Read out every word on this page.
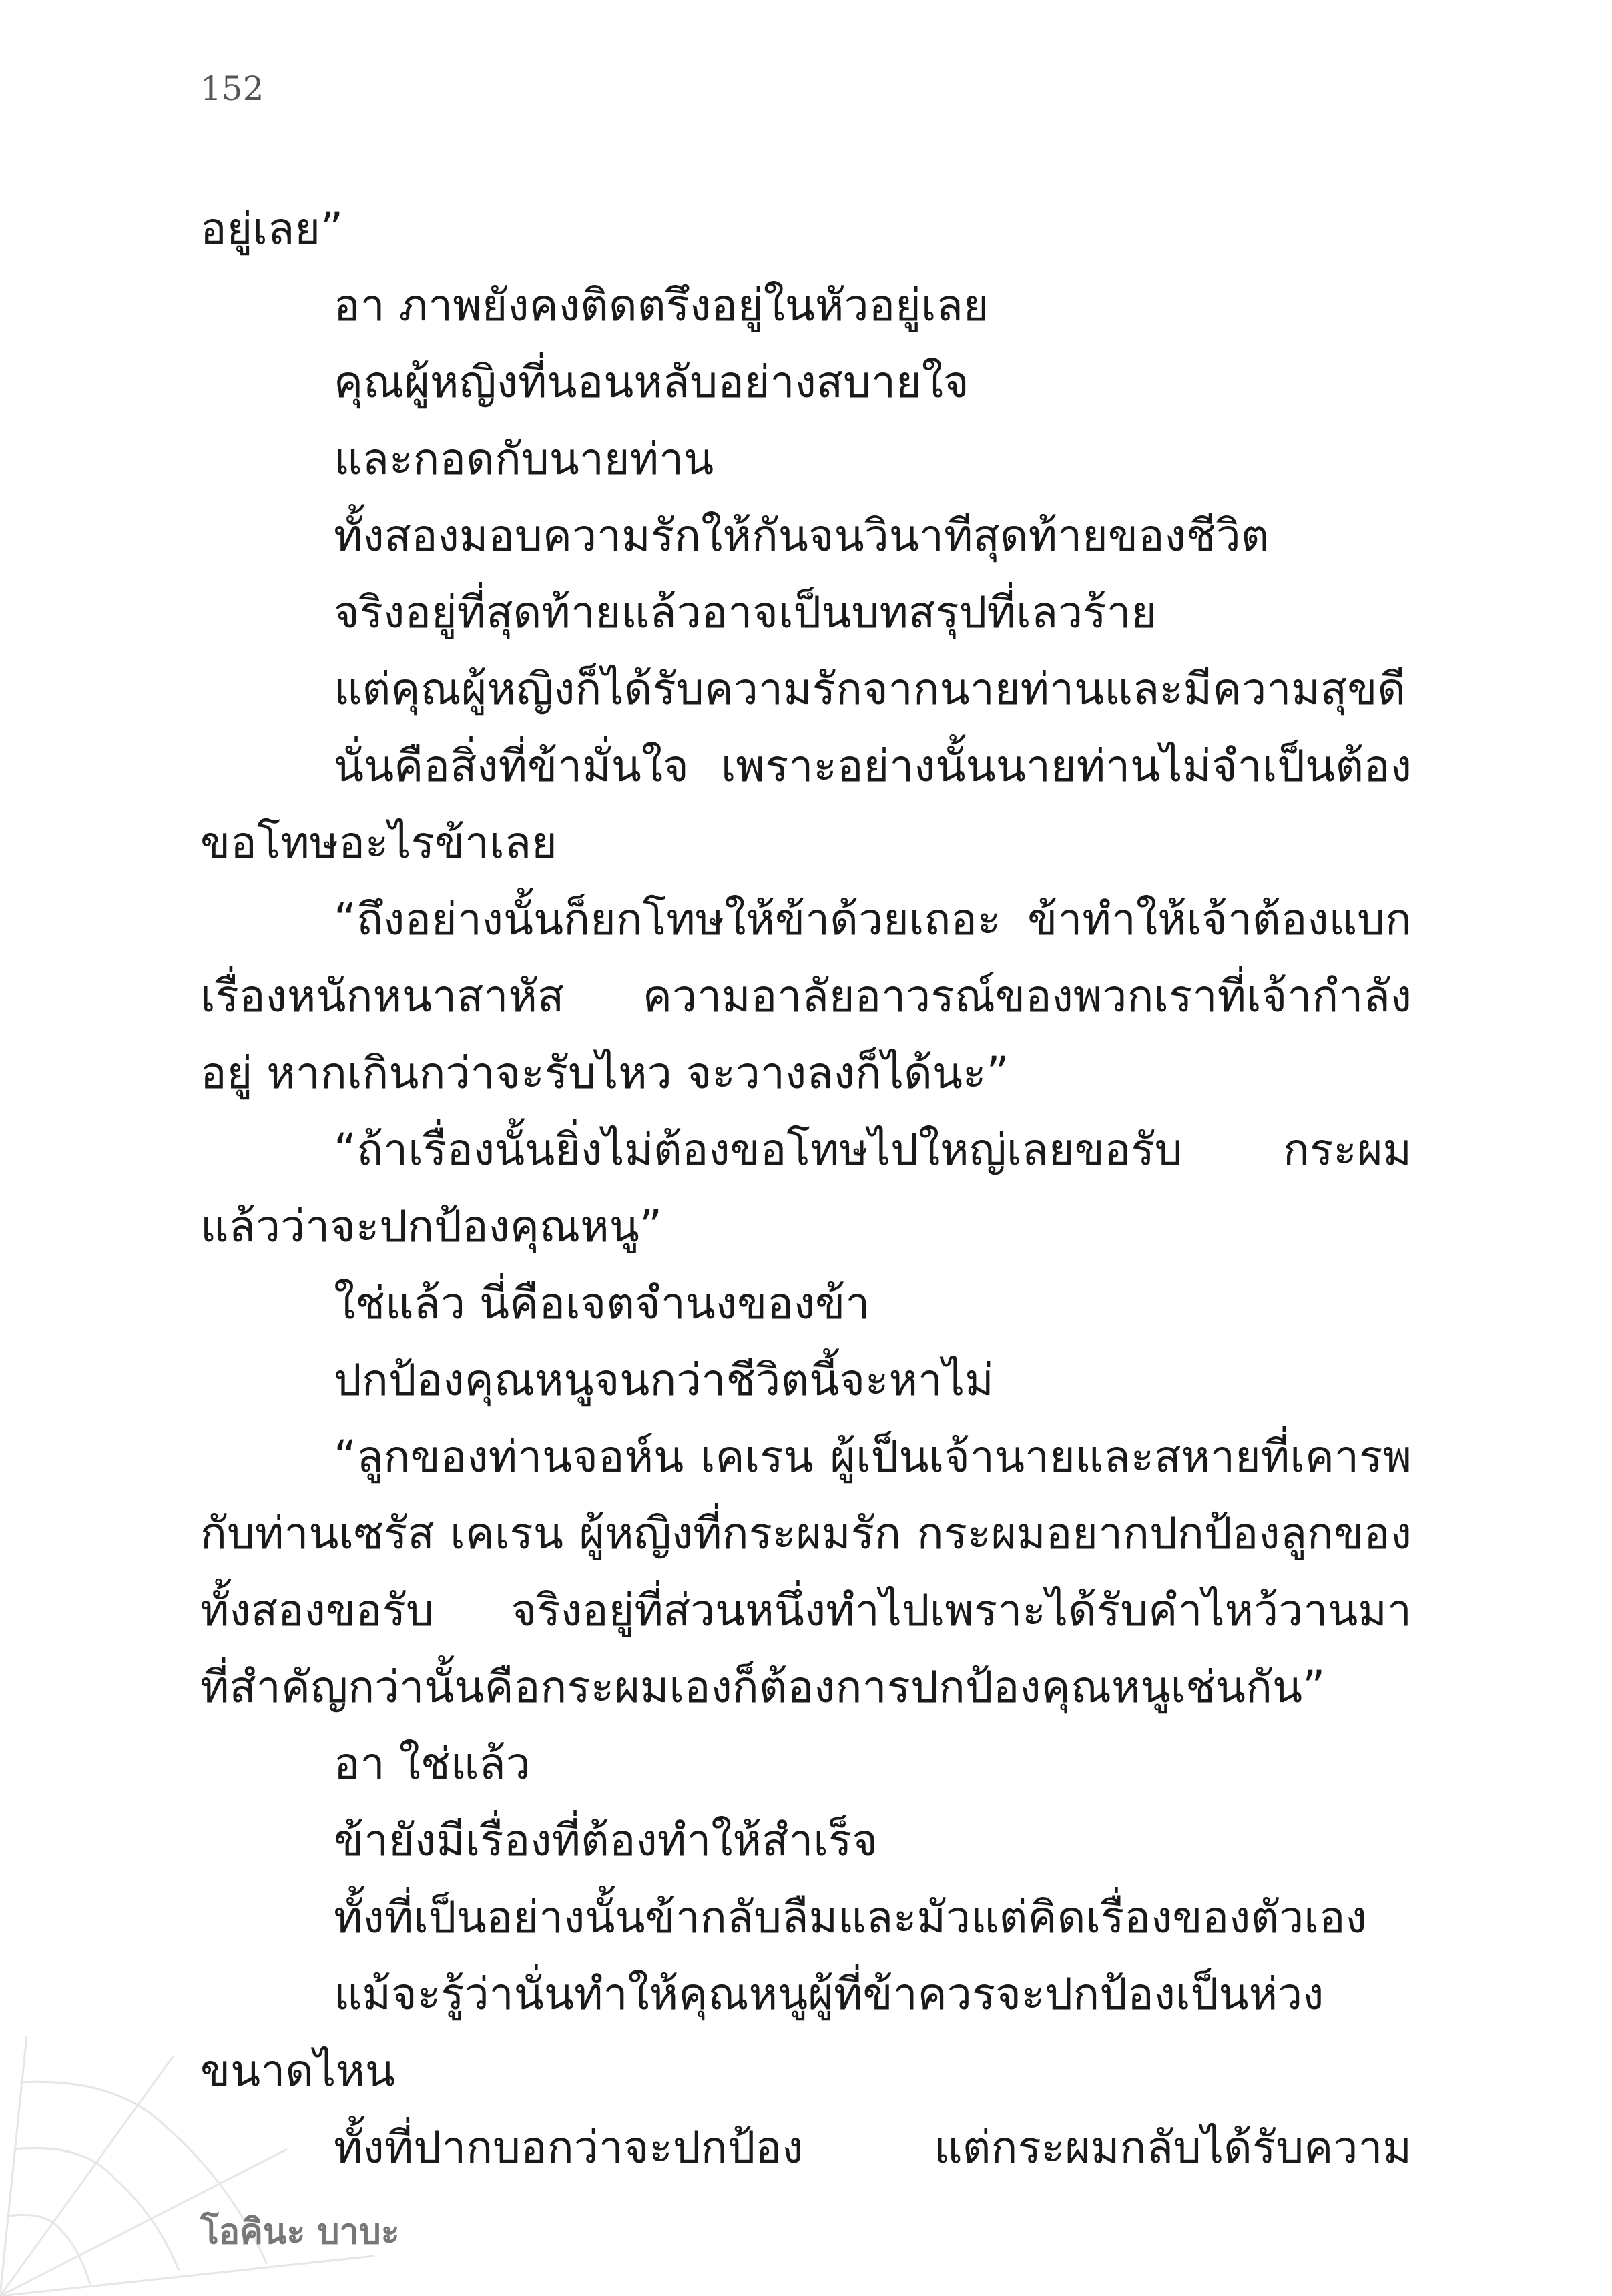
152
อยู่เลย”
อา ภาพยังคงติดตรึงอยู่ในหัวอยู่เลย
คุณผู้หญิงที่นอนหลับอย่างสบายใจ
และกอดกับนายท่าน
ทั้งสองมอบความรักให้กันจนวินาทีสุดท้ายของชีวิต
จริงอยู่ที่สุดท้ายแล้วอาจเป็นบทสรุปที่เลวร้าย
แต่คุณผู้หญิงก็ได้รับความรักจากนายท่านและมีความสุขดี
นั่นคือสิ่งที่ข้ามั่นใจ เพราะอย่างนั้นนายท่านไม่จำเป็นต้อง
ขอโทษอะไรข้าเลย
“ถึงอย่างนั้นก็ยกโทษให้ข้าด้วยเถอะ ข้าทำให้เจ้าต้องแบก
เรื่องหนักหนาสาหัส ความอาลัยอาวรณ์ของพวกเราที่เจ้ากำลัง
อยู่ หากเกินกว่าจะรับไหว จะวางลงก็ได้นะ”
“ถ้าเรื่องนั้นยิ่งไม่ต้องขอโทษไปใหญ่เลยขอรับ กระผม
แล้วว่าจะปกป้องคุณหนู”
ใช่แล้ว นี่คือเจตจำนงของข้า
ปกป้องคุณหนูจนกว่าชีวิตนี้จะหาไม่
“ลูกของท่านจอห์น เคเรน ผู้เป็นเจ้านายและสหายที่เคารพ
กับท่านเซรัส เคเรน ผู้หญิงที่กระผมรัก กระผมอยากปกป้องลูกของ
ทั้งสองขอรับ จริงอยู่ที่ส่วนหนึ่งทำไปเพราะได้รับคำไหว้วานมา
ที่สำคัญกว่านั้นคือกระผมเองก็ต้องการปกป้องคุณหนูเช่นกัน”
อา ใช่แล้ว
ข้ายังมีเรื่องที่ต้องทำให้สำเร็จ
ทั้งที่เป็นอย่างนั้นข้ากลับลืมและมัวแต่คิดเรื่องของตัวเอง
แม้จะรู้ว่านั่นทำให้คุณหนูผู้ที่ข้าควรจะปกป้องเป็นห่วง
ขนาดไหน
ทั้งที่ปากบอกว่าจะปกป้อง แต่กระผมกลับได้รับความ
โอคินะ บาบะ
